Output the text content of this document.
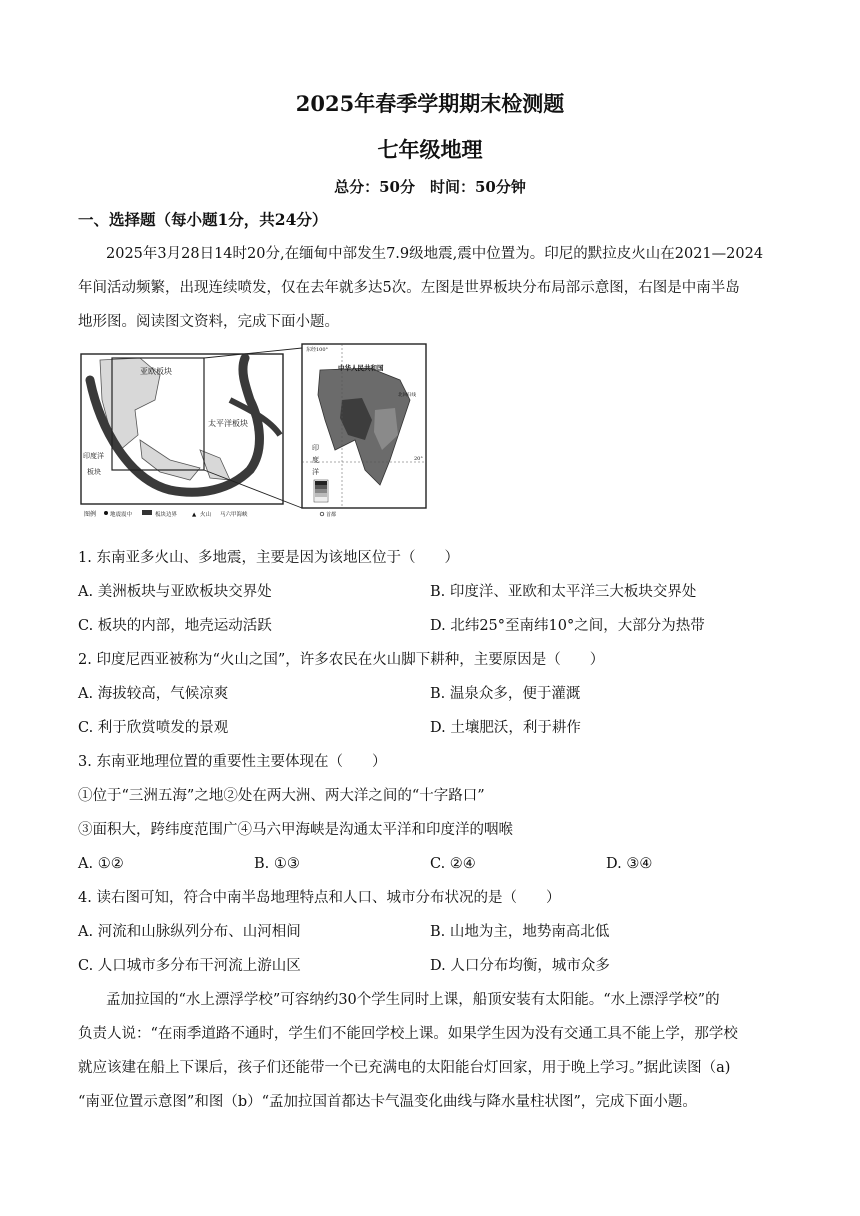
2025年春季学期期末检测题
七年级地理
总分：50分　时间：50分钟
一、选择题（每小题1分，共24分）
2025年3月28日14时20分,在缅甸中部发生7.9级地震,震中位置为。印尼的默拉皮火山在2021—2024
年间活动频繁，出现连续喷发，仅在去年就多达5次。左图是世界板块分布局部示意图，右图是中南半岛
地形图。阅读图文资料，完成下面小题。
亚欧板块
太平洋板块
印度洋
板块
图例	地震震中	板块边界	▲ 火山 马六甲海峡
东经100°
中华人民共和国
印
度
洋
20°
北回归线
首都
1. 东南亚多火山、多地震，主要是因为该地区位于（　　）
A. 美洲板块与亚欧板块交界处	B. 印度洋、亚欧和太平洋三大板块交界处
C. 板块的内部，地壳运动活跃	D. 北纬25°至南纬10°之间，大部分为热带
2. 印度尼西亚被称为“火山之国”，许多农民在火山脚下耕种，主要原因是（　　）
A. 海拔较高，气候凉爽	B. 温泉众多，便于灌溉
C. 利于欣赏喷发的景观	D. 土壤肥沃，利于耕作
3. 东南亚地理位置的重要性主要体现在（　　）
①位于“三洲五海”之地②处在两大洲、两大洋之间的“十字路口”
③面积大，跨纬度范围广④马六甲海峡是沟通太平洋和印度洋的咽喉
A. ①②	B. ①③	C. ②④	D. ③④
4. 读右图可知，符合中南半岛地理特点和人口、城市分布状况的是（　　）
A. 河流和山脉纵列分布、山河相间	B. 山地为主，地势南高北低
C. 人口城市多分布干河流上游山区	D. 人口分布均衡，城市众多
孟加拉国的“水上漂浮学校”可容纳约30个学生同时上课，船顶安装有太阳能。“水上漂浮学校”的
负责人说：“在雨季道路不通时，学生们不能回学校上课。如果学生因为没有交通工具不能上学，那学校
就应该建在船上下课后，孩子们还能带一个已充满电的太阳能台灯回家，用于晚上学习。”据此读图（a)
“南亚位置示意图”和图（b）“孟加拉国首都达卡气温变化曲线与降水量柱状图”，完成下面小题。
